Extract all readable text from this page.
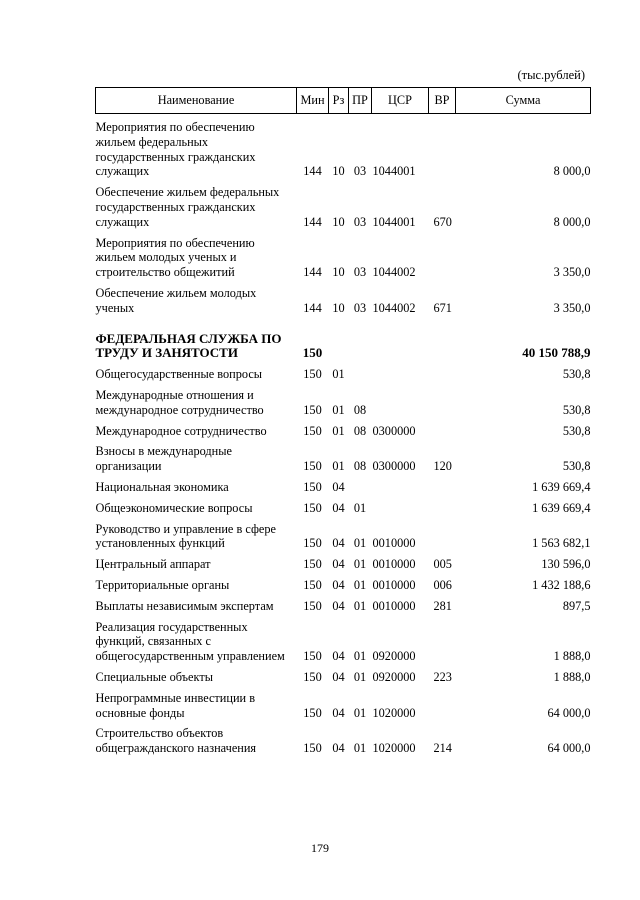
(тыс.рублей)
Наименование	Мин	Рз	ПР	ЦСР	ВР	Сумма
Мероприятия по обеспечению жильем федеральных государственных гражданских служащих	144	10	03	1044001		8 000,0
Обеспечение жильем федеральных государственных гражданских служащих	144	10	03	1044001	670	8 000,0
Мероприятия по обеспечению жильем молодых ученых и строительство общежитий	144	10	03	1044002		3 350,0
Обеспечение жильем молодых ученых	144	10	03	1044002	671	3 350,0
ФЕДЕРАЛЬНАЯ СЛУЖБА ПО ТРУДУ И ЗАНЯТОСТИ	150					40 150 788,9
Общегосударственные вопросы	150	01				530,8
Международные отношения и международное сотрудничество	150	01	08			530,8
Международное сотрудничество	150	01	08	0300000		530,8
Взносы в международные организации	150	01	08	0300000	120	530,8
Национальная экономика	150	04				1 639 669,4
Общеэкономические вопросы	150	04	01			1 639 669,4
Руководство и управление в сфере установленных функций	150	04	01	0010000		1 563 682,1
Центральный аппарат	150	04	01	0010000	005	130 596,0
Территориальные органы	150	04	01	0010000	006	1 432 188,6
Выплаты независимым экспертам	150	04	01	0010000	281	897,5
Реализация государственных функций, связанных с общегосударственным управлением	150	04	01	0920000		1 888,0
Специальные объекты	150	04	01	0920000	223	1 888,0
Непрограммные инвестиции в основные фонды	150	04	01	1020000		64 000,0
Строительство объектов общегражданского назначения	150	04	01	1020000	214	64 000,0
179
